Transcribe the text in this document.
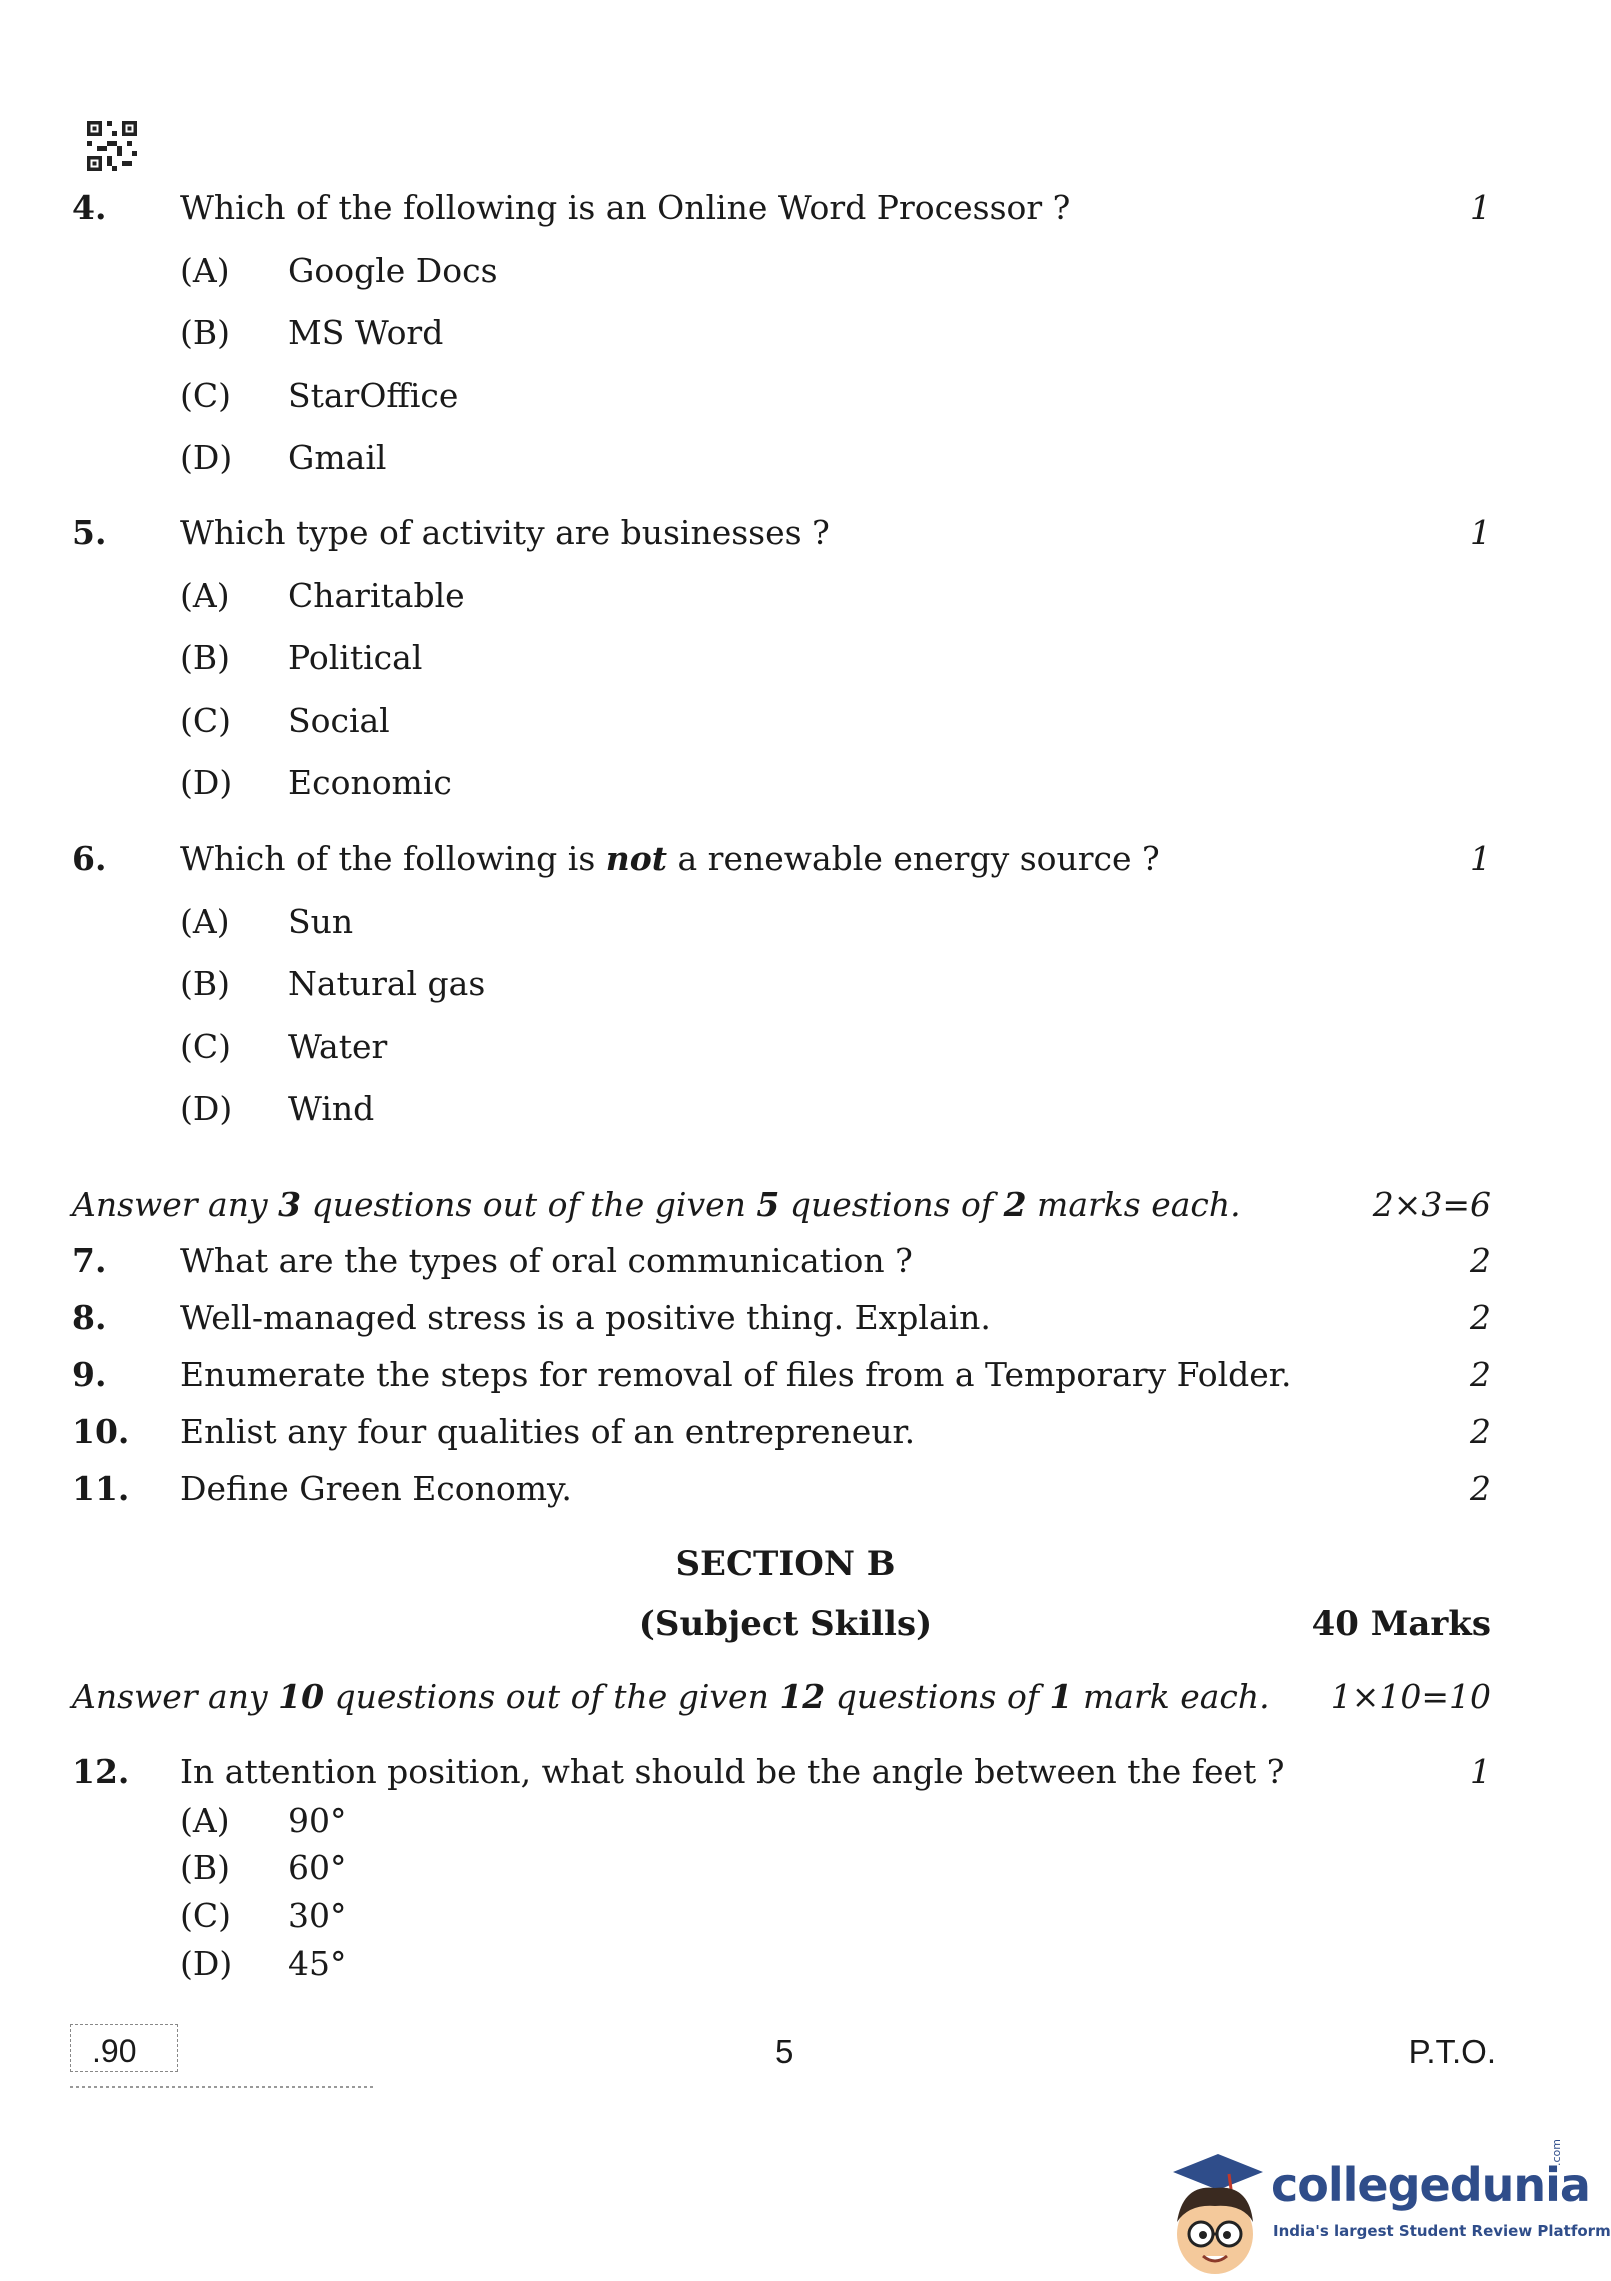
4. Which of the following is an Online Word Processor ?	1
(A) Google Docs
(B) MS Word
(C) StarOffice
(D) Gmail
5. Which type of activity are businesses ?	1
(A) Charitable
(B) Political
(C) Social
(D) Economic
6. Which of the following is not a renewable energy source ?	1
(A) Sun
(B) Natural gas
(C) Water
(D) Wind
Answer any 3 questions out of the given 5 questions of 2 marks each.	2×3=6
7. What are the types of oral communication ?	2
8. Well-managed stress is a positive thing. Explain.	2
9. Enumerate the steps for removal of files from a Temporary Folder.	2
10. Enlist any four qualities of an entrepreneur.	2
11. Define Green Economy.	2
SECTION B
(Subject Skills)	40 Marks
Answer any 10 questions out of the given 12 questions of 1 mark each. 1×10=10
12. In attention position, what should be the angle between the feet ?	1
(A) 90°
(B) 60°
(C) 30°
(D) 45°
.90	5	P.T.O.
collegedunia
.com
India's largest Student Review Platform
